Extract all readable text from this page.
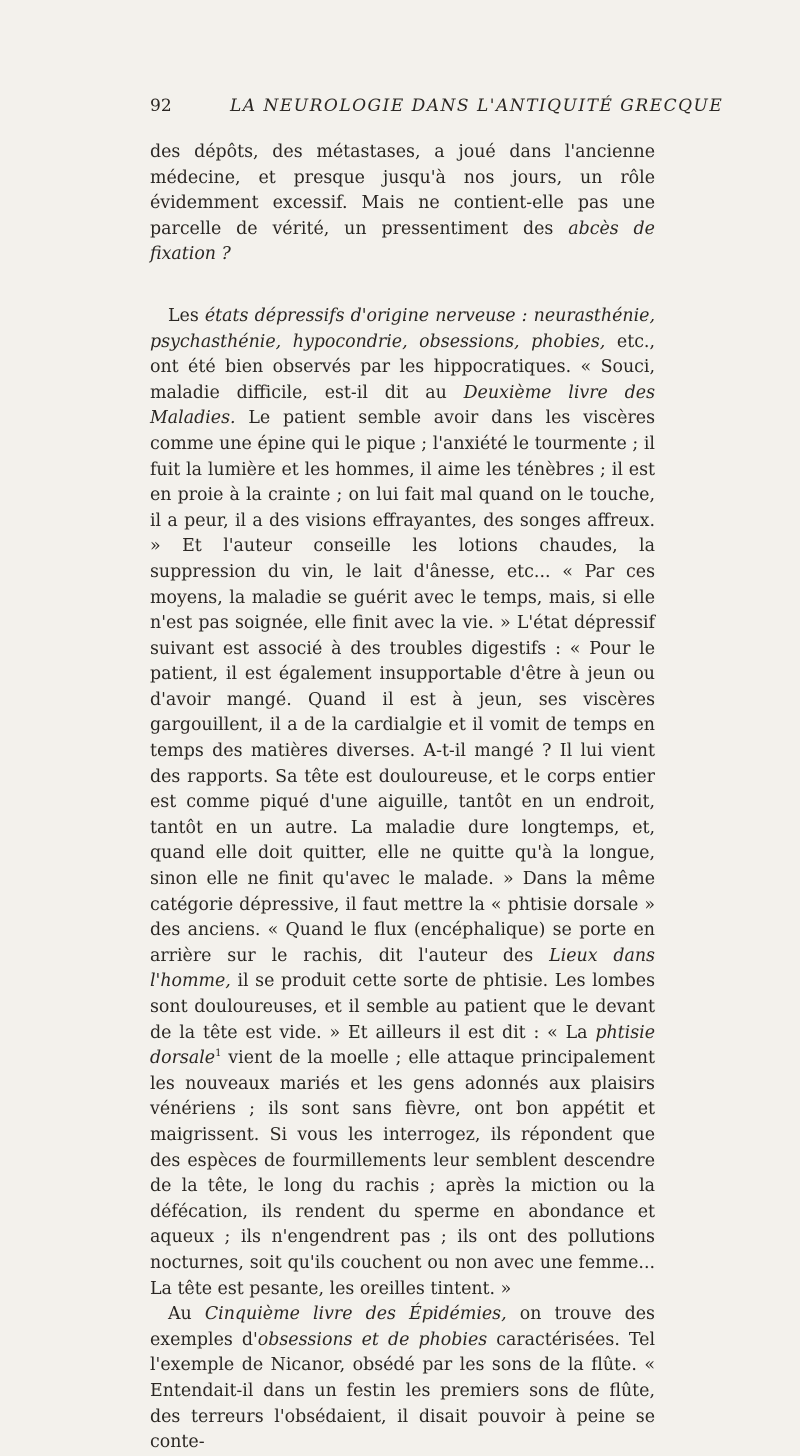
92	LA NEUROLOGIE DANS L'ANTIQUITÉ GRECQUE

des dépôts, des métastases, a joué dans l'ancienne médecine, et presque jusqu'à nos jours, un rôle évidemment excessif. Mais ne contient-elle pas une parcelle de vérité, un pressentiment des abcès de fixation ?

Les états dépressifs d'origine nerveuse : neurasthénie, psychasthénie, hypocondrie, obsessions, phobies, etc., ont été bien observés par les hippocratiques. « Souci, maladie difficile, est-il dit au Deuxième livre des Maladies. Le patient semble avoir dans les viscères comme une épine qui le pique ; l'anxiété le tourmente ; il fuit la lumière et les hommes, il aime les ténèbres ; il est en proie à la crainte ; on lui fait mal quand on le touche, il a peur, il a des visions effrayantes, des songes affreux. » Et l'auteur conseille les lotions chaudes, la suppression du vin, le lait d'ânesse, etc... « Par ces moyens, la maladie se guérit avec le temps, mais, si elle n'est pas soignée, elle finit avec la vie. » L'état dépressif suivant est associé à des troubles digestifs : « Pour le patient, il est également insupportable d'être à jeun ou d'avoir mangé. Quand il est à jeun, ses viscères gargouillent, il a de la cardialgie et il vomit de temps en temps des matières diverses. A-t-il mangé ? Il lui vient des rapports. Sa tête est douloureuse, et le corps entier est comme piqué d'une aiguille, tantôt en un endroit, tantôt en un autre. La maladie dure longtemps, et, quand elle doit quitter, elle ne quitte qu'à la longue, sinon elle ne finit qu'avec le malade. » Dans la même catégorie dépressive, il faut mettre la « phtisie dorsale » des anciens. « Quand le flux (encéphalique) se porte en arrière sur le rachis, dit l'auteur des Lieux dans l'homme, il se produit cette sorte de phtisie. Les lombes sont douloureuses, et il semble au patient que le devant de la tête est vide. » Et ailleurs il est dit : « La phtisie dorsale$^1$ vient de la moelle ; elle attaque principalement les nouveaux mariés et les gens adonnés aux plaisirs vénériens ; ils sont sans fièvre, ont bon appétit et maigrissent. Si vous les interrogez, ils répondent que des espèces de fourmillements leur semblent descendre de la tête, le long du rachis ; après la miction ou la défécation, ils rendent du sperme en abondance et aqueux ; ils n'engendrent pas ; ils ont des pollutions nocturnes, soit qu'ils couchent ou non avec une femme... La tête est pesante, les oreilles tintent. »

Au Cinquième livre des Épidémies, on trouve des exemples d'obsessions et de phobies caractérisées. Tel l'exemple de Nicanor, obsédé par les sons de la flûte. « Entendait-il dans un festin les premiers sons de flûte, des terreurs l'obsédaient, il disait pouvoir à peine se conte-
